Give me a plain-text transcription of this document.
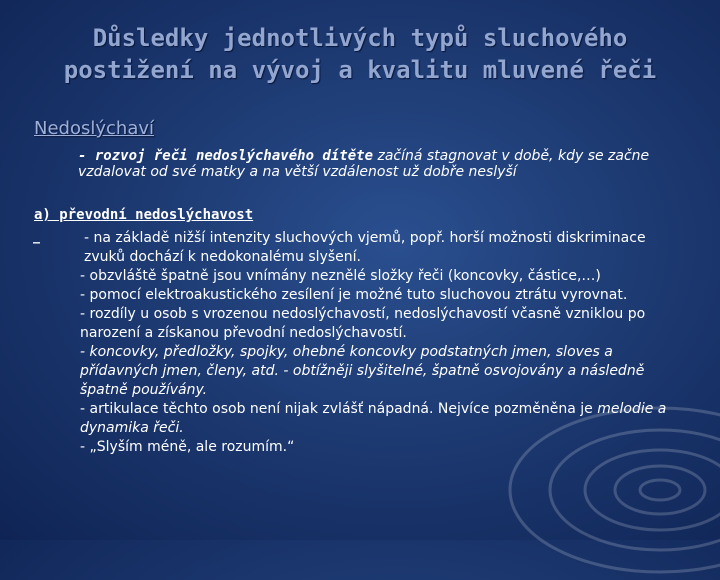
Důsledky jednotlivých typů sluchového
postižení na vývoj a kvalitu mluvené řeči
Nedoslýchaví
- rozvoj řeči nedoslýchavého dítěte začíná stagnovat v době, kdy se začne vzdalovat od své matky a na větší vzdálenost už dobře neslyší
a) převodní nedoslýchavost
_	- na základě nižší intenzity sluchových vjemů, popř. horší možnosti diskriminace zvuků dochází k nedokonalému slyšení.

- obzvláště špatně jsou vnímány neznělé složky řeči (koncovky, částice,…)

- pomocí elektroakustického zesílení je možné tuto sluchovou ztrátu vyrovnat.

- rozdíly u osob s vrozenou nedoslýchavostí, nedoslýchavostí včasně vzniklou po narození a získanou převodní nedoslýchavostí.

- koncovky, předložky, spojky, ohebné koncovky podstatných jmen, sloves a přídavných jmen, členy, atd. - obtížněji slyšitelné, špatně osvojovány a následně špatně používány.

- artikulace těchto osob není nijak zvlášť nápadná. Nejvíce pozměněna je melodie a dynamika řeči.

- „Slyším méně, ale rozumím.“
